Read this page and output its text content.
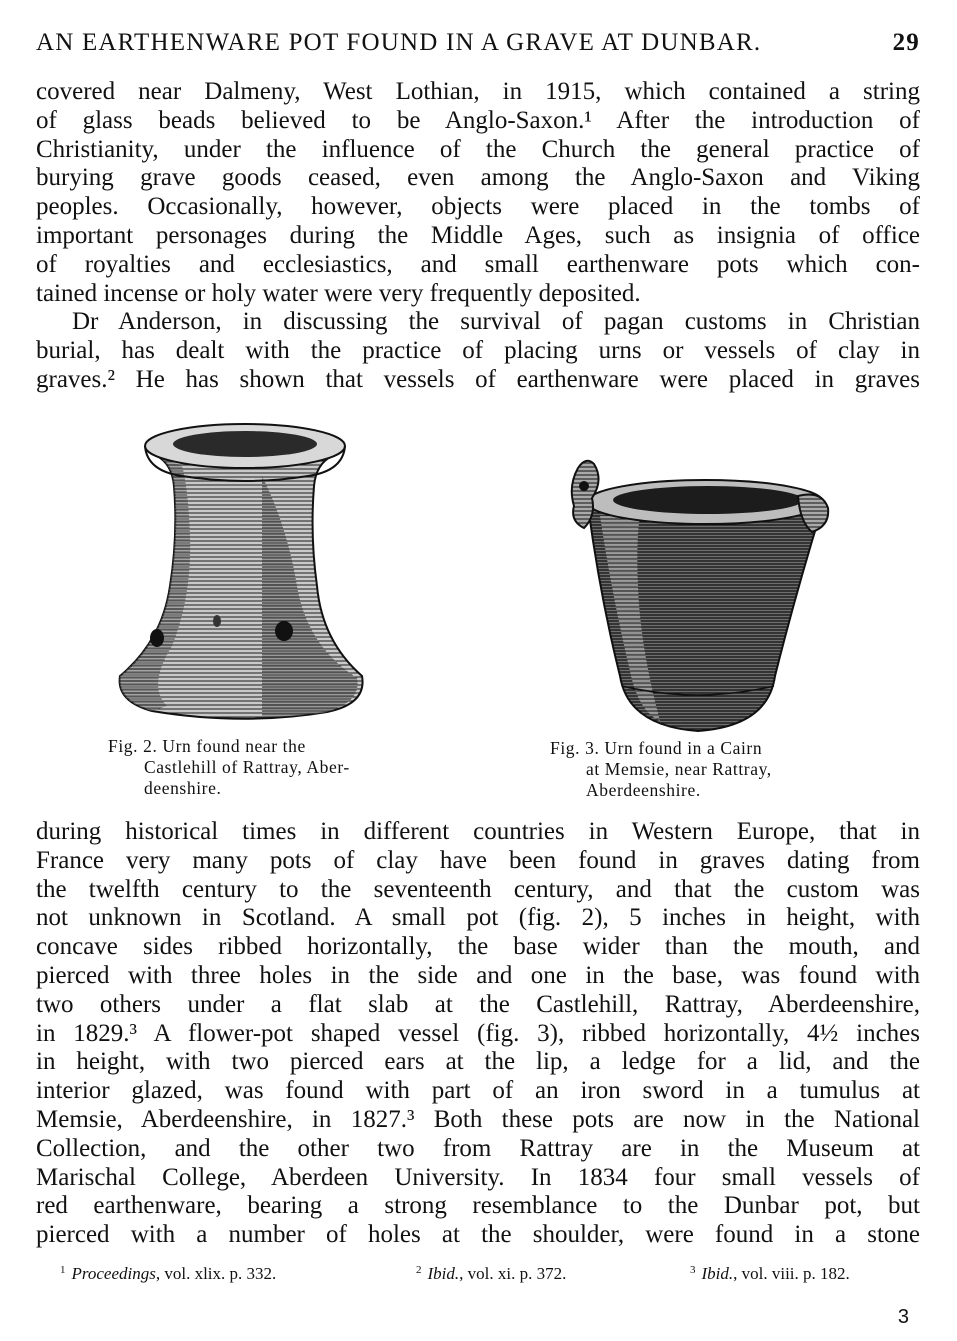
AN EARTHENWARE POT FOUND IN A GRAVE AT DUNBAR.	29
covered near Dalmeny, West Lothian, in 1915, which contained a string
of glass beads believed to be Anglo-Saxon.¹ After the introduction of
Christianity, under the influence of the Church the general practice of
burying grave goods ceased, even among the Anglo-Saxon and Viking
peoples. Occasionally, however, objects were placed in the tombs of
important personages during the Middle Ages, such as insignia of office
of royalties and ecclesiastics, and small earthenware pots which con-
tained incense or holy water were very frequently deposited.
Dr Anderson, in discussing the survival of pagan customs in Christian
burial, has dealt with the practice of placing urns or vessels of clay in
graves.² He has shown that vessels of earthenware were placed in graves
Fig. 2. Urn found near the
Castlehill of Rattray, Aber-
deenshire.
Fig. 3. Urn found in a Cairn
at Memsie, near Rattray,
Aberdeenshire.
during historical times in different countries in Western Europe, that in
France very many pots of clay have been found in graves dating from
the twelfth century to the seventeenth century, and that the custom was
not unknown in Scotland. A small pot (fig. 2), 5 inches in height, with
concave sides ribbed horizontally, the base wider than the mouth, and
pierced with three holes in the side and one in the base, was found with
two others under a flat slab at the Castlehill, Rattray, Aberdeenshire,
in 1829.³ A flower-pot shaped vessel (fig. 3), ribbed horizontally, 4½ inches
in height, with two pierced ears at the lip, a ledge for a lid, and the
interior glazed, was found with part of an iron sword in a tumulus at
Memsie, Aberdeenshire, in 1827.³ Both these pots are now in the National
Collection, and the other two from Rattray are in the Museum at
Marischal College, Aberdeen University. In 1834 four small vessels of
red earthenware, bearing a strong resemblance to the Dunbar pot, but
pierced with a number of holes at the shoulder, were found in a stone
$^1$ Proceedings, vol. xlix. p. 332.	$^2$ Ibid., vol. xi. p. 372.	$^3$ Ibid., vol. viii. p. 182.
3
